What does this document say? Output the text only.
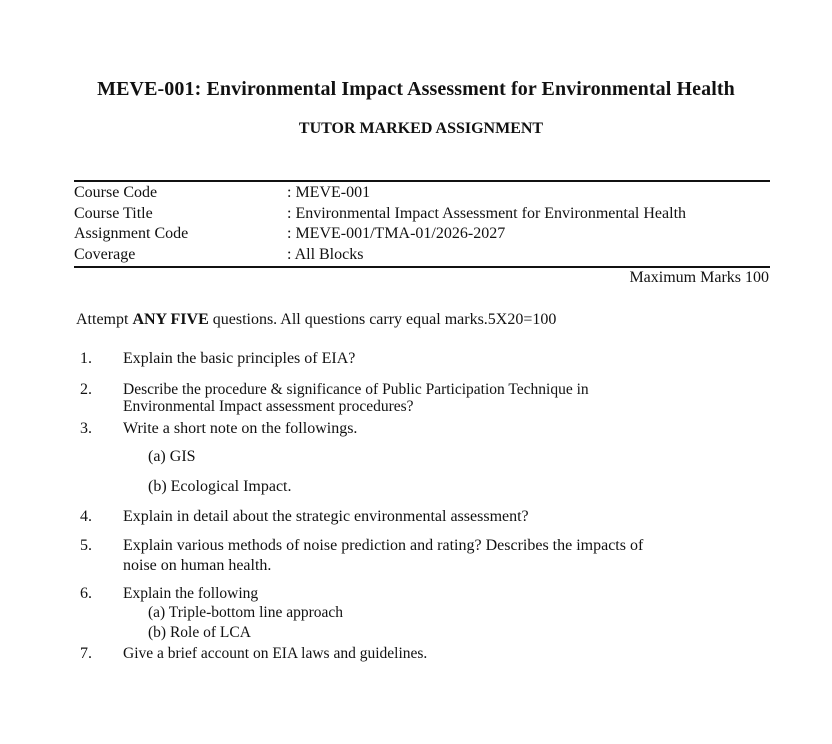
MEVE-001: Environmental Impact Assessment for Environmental Health
TUTOR MARKED ASSIGNMENT
Course Code	: MEVE-001
Course Title	: Environmental Impact Assessment for Environmental Health
Assignment Code	: MEVE-001/TMA-01/2026-2027
Coverage	: All Blocks
Maximum Marks 100
Attempt ANY FIVE questions. All questions carry equal marks.5X20=100
1. Explain the basic principles of EIA?
2. Describe the procedure & significance of Public Participation Technique in
Environmental Impact assessment procedures?
3. Write a short note on the followings.
(a) GIS
(b) Ecological Impact.
4. Explain in detail about the strategic environmental assessment?
5. Explain various methods of noise prediction and rating? Describes the impacts of
noise on human health.
6. Explain the following
(a) Triple-bottom line approach
(b) Role of LCA
7. Give a brief account on EIA laws and guidelines.
